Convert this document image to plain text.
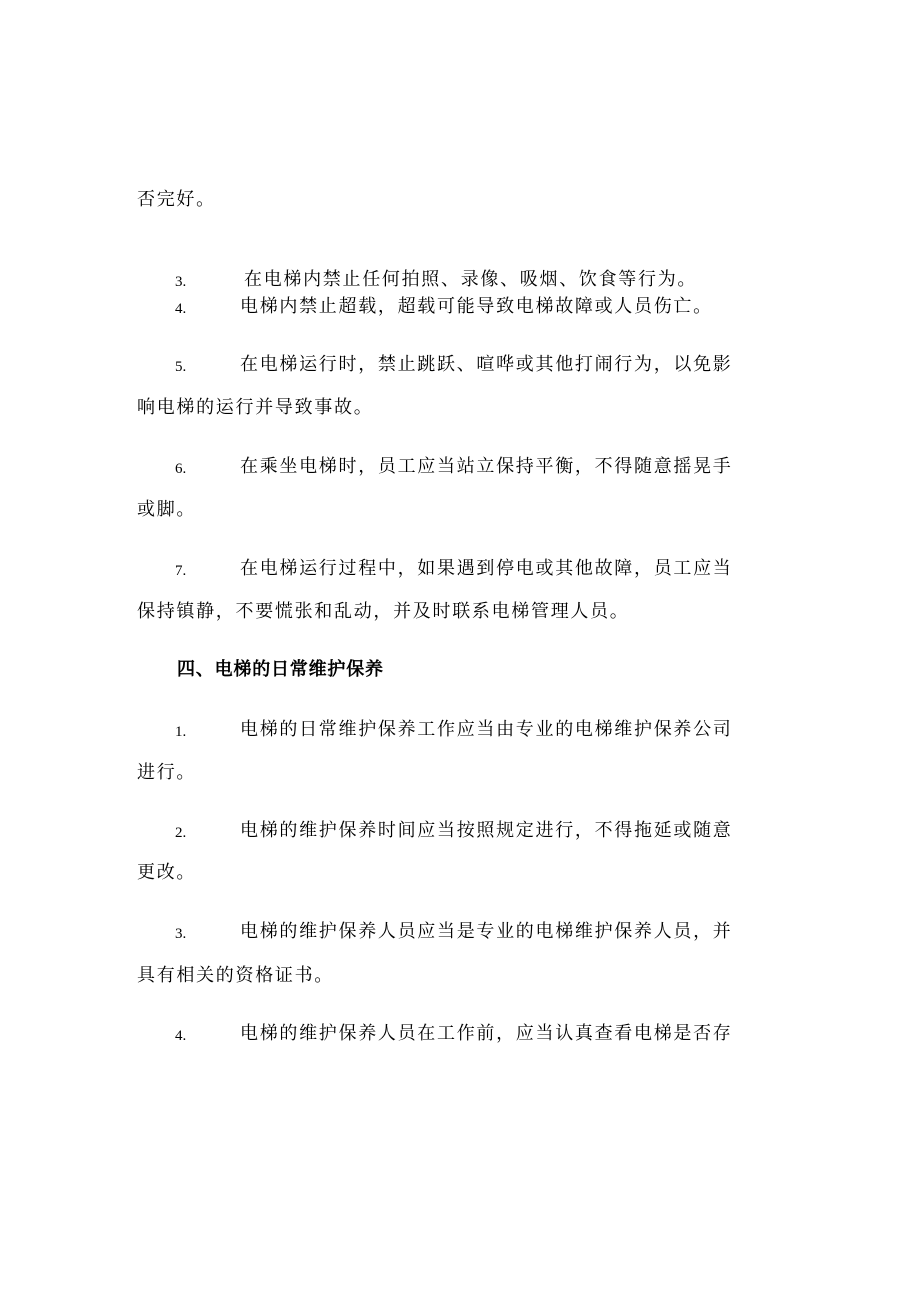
否完好。
3.	在电梯内禁止任何拍照、录像、吸烟、饮食等行为。
4.	电梯内禁止超载，超载可能导致电梯故障或人员伤亡。
5.	在电梯运行时，禁止跳跃、喧哗或其他打闹行为，以免影
响电梯的运行并导致事故。
6.	在乘坐电梯时，员工应当站立保持平衡，不得随意摇晃手
或脚。
7.	在电梯运行过程中，如果遇到停电或其他故障，员工应当
保持镇静，不要慌张和乱动，并及时联系电梯管理人员。
四、电梯的日常维护保养
1.	电梯的日常维护保养工作应当由专业的电梯维护保养公司
进行。
2.	电梯的维护保养时间应当按照规定进行，不得拖延或随意
更改。
3.	电梯的维护保养人员应当是专业的电梯维护保养人员，并
具有相关的资格证书。
4.	电梯的维护保养人员在工作前，应当认真查看电梯是否存
